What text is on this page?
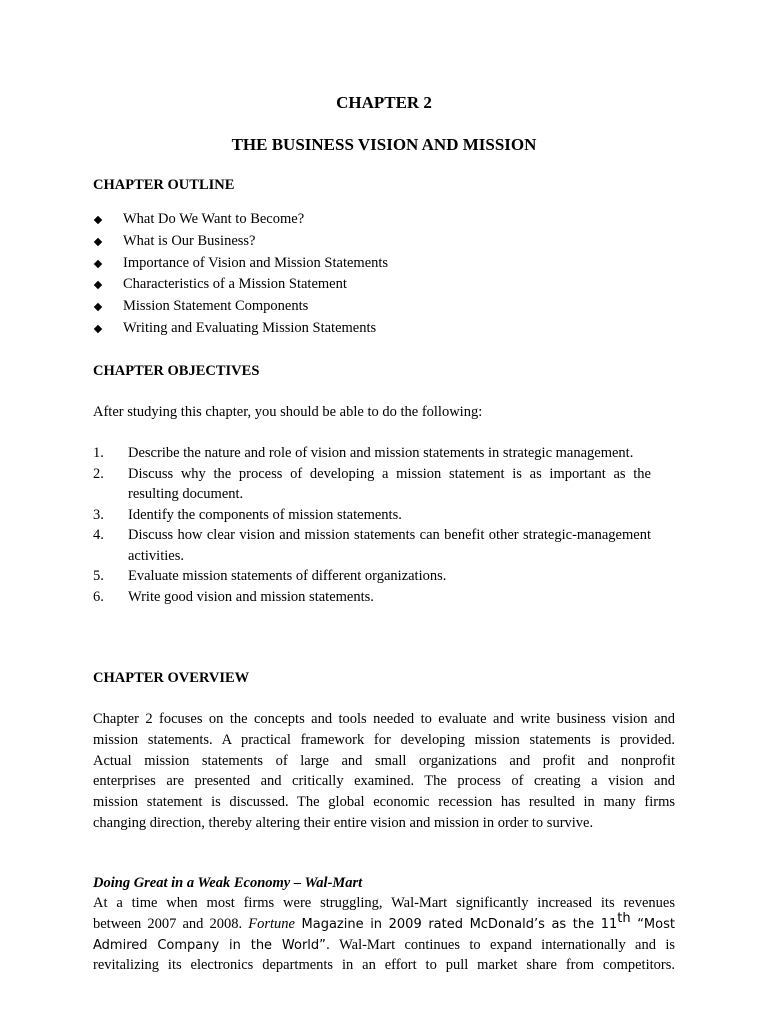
CHAPTER 2
THE BUSINESS VISION AND MISSION
CHAPTER OUTLINE
What Do We Want to Become?
What is Our Business?
Importance of Vision and Mission Statements
Characteristics of a Mission Statement
Mission Statement Components
Writing and Evaluating Mission Statements
CHAPTER OBJECTIVES

After studying this chapter, you should be able to do the following:

1. Describe the nature and role of vision and mission statements in strategic management.
2. Discuss why the process of developing a mission statement is as important as the resulting document.
3. Identify the components of mission statements.
4. Discuss how clear vision and mission statements can benefit other strategic-management activities.
5. Evaluate mission statements of different organizations.
6. Write good vision and mission statements.
CHAPTER OVERVIEW
Chapter 2 focuses on the concepts and tools needed to evaluate and write business vision and
mission statements. A practical framework for developing mission statements is provided.
Actual mission statements of large and small organizations and profit and nonprofit
enterprises are presented and critically examined. The process of creating a vision and
mission statement is discussed. The global economic recession has resulted in many firms
changing direction, thereby altering their entire vision and mission in order to survive.
Doing Great in a Weak Economy – Wal-Mart
At a time when most firms were struggling, Wal-Mart significantly increased its revenues
between 2007 and 2008. Fortune Magazine in 2009 rated McDonald’s as the 11th “Most
Admired Company in the World”. Wal-Mart continues to expand internationally and is
revitalizing its electronics departments in an effort to pull market share from competitors.
